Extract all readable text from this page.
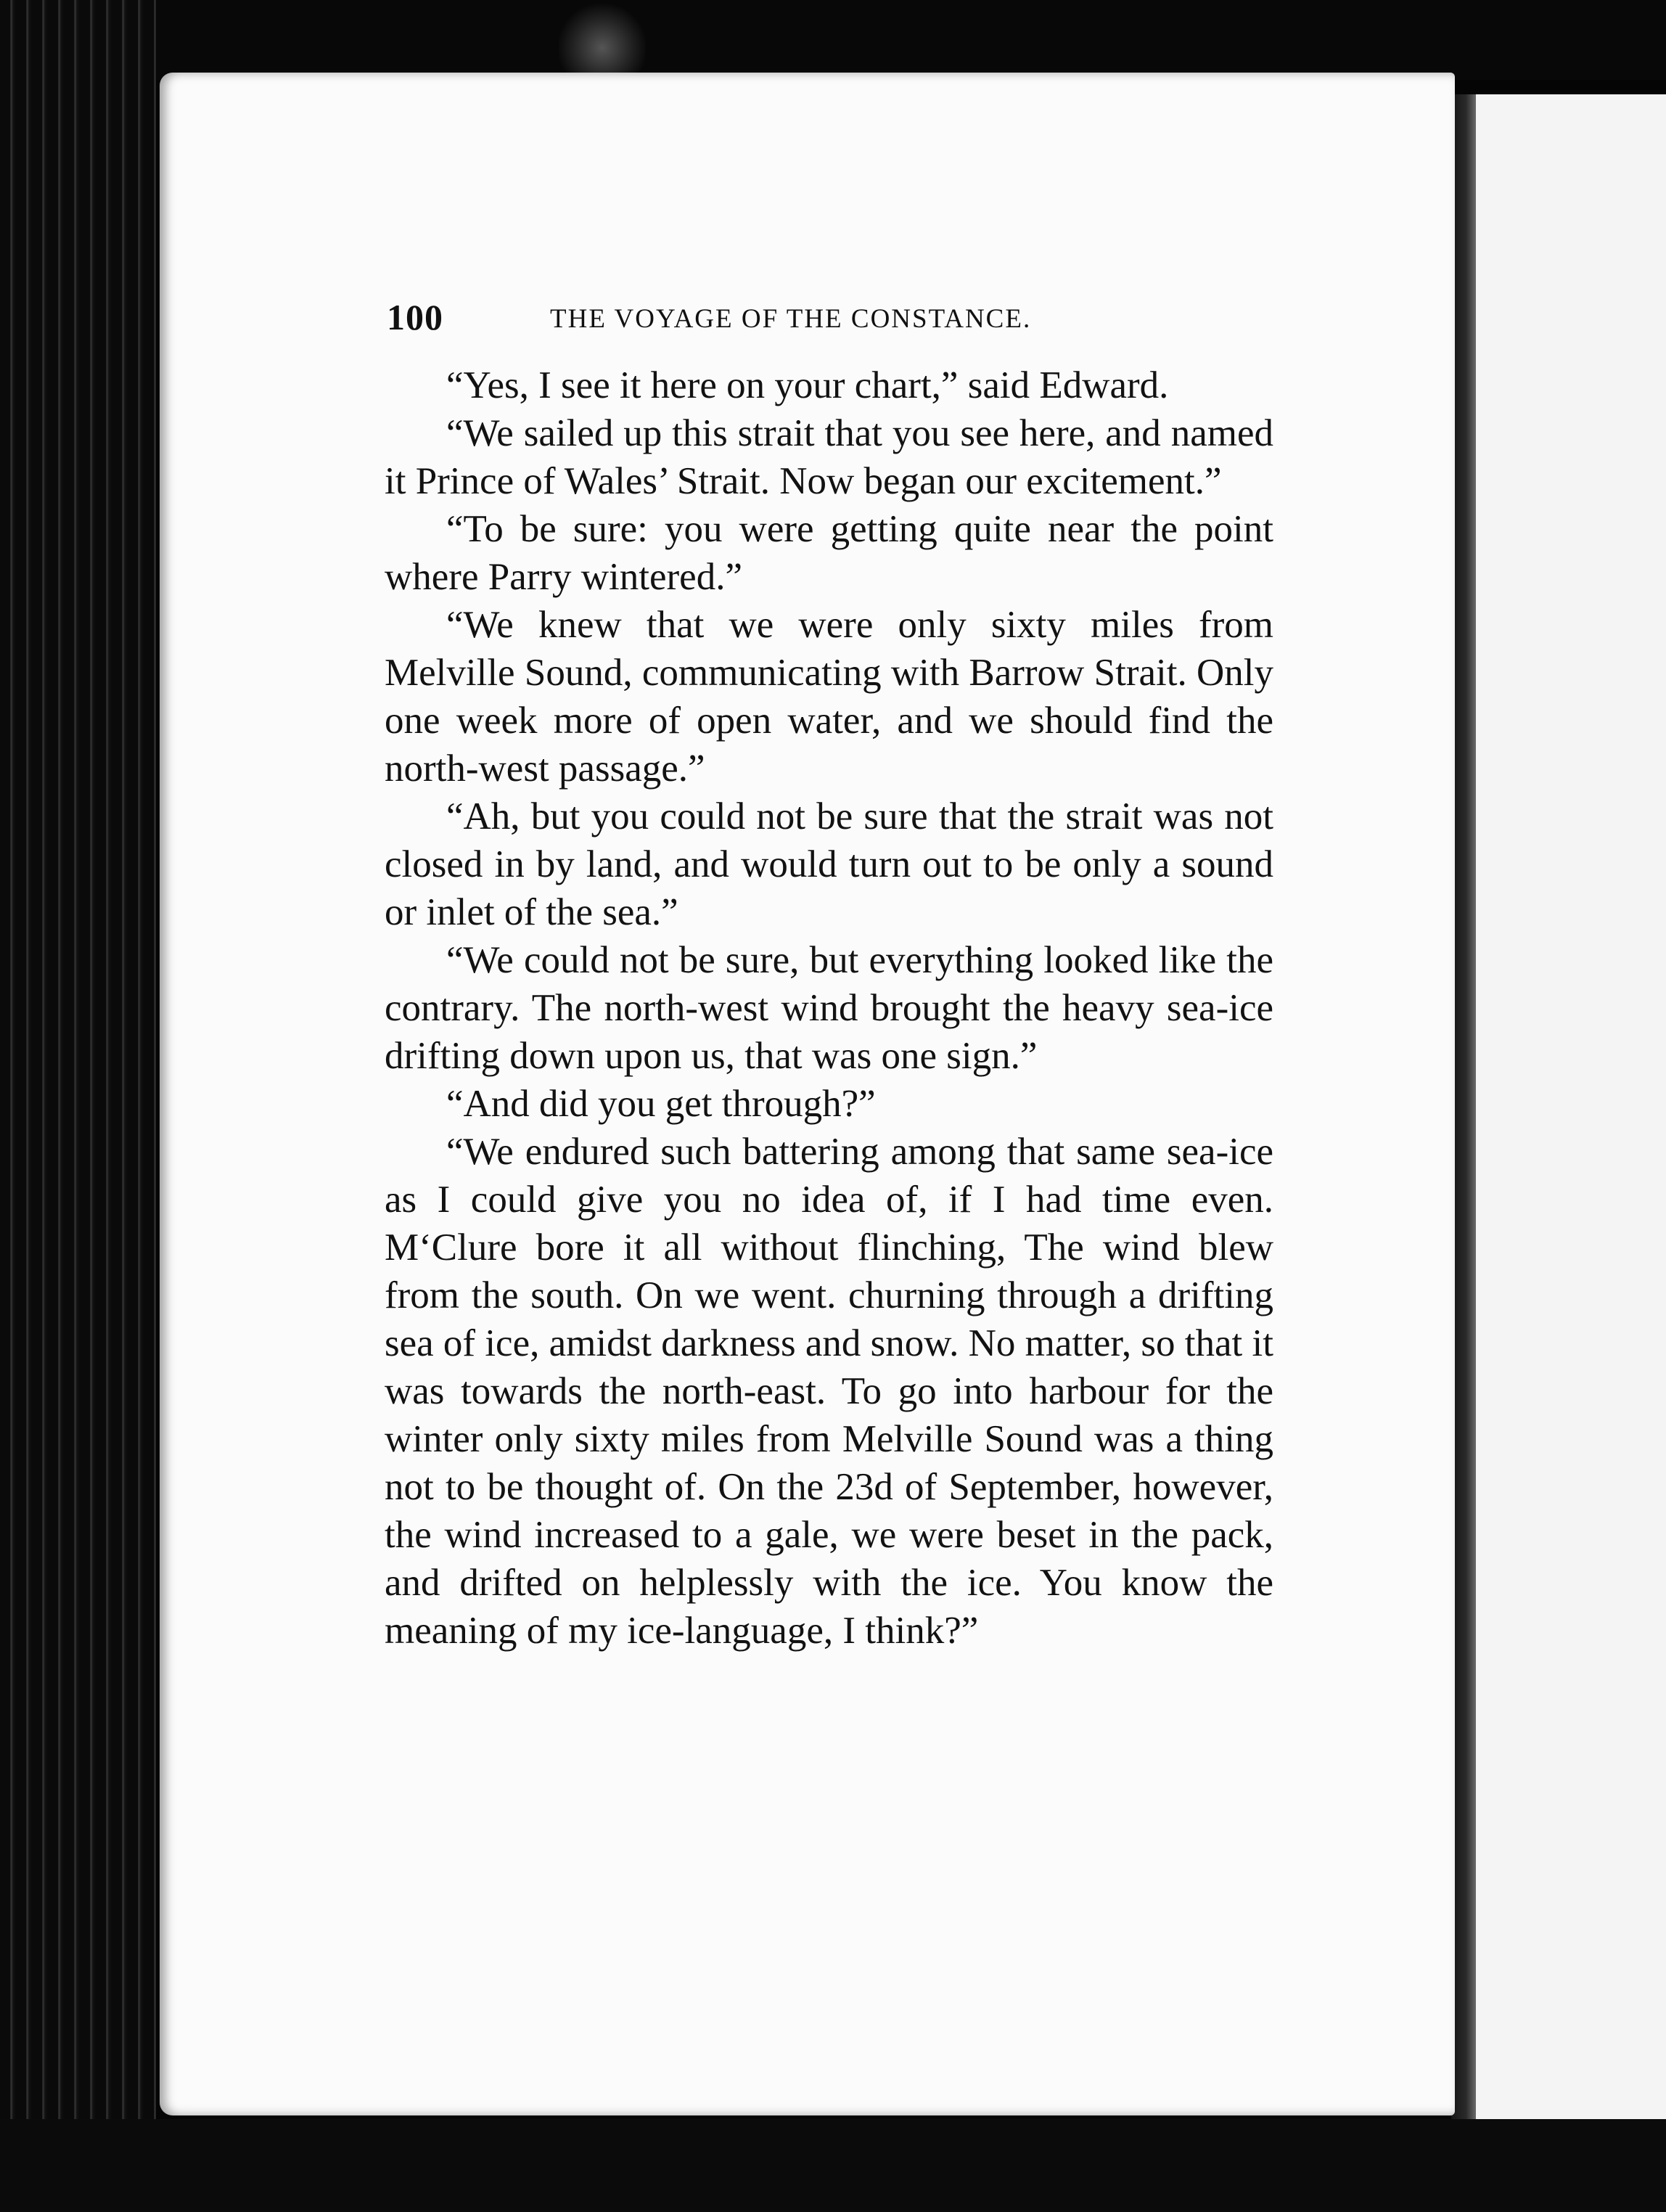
100	THE VOYAGE OF THE CONSTANCE.

“Yes, I see it here on your chart,” said Edward.

“We sailed up this strait that you see here, and named it Prince of Wales’ Strait. Now began our excitement.”

“To be sure: you were getting quite near the point where Parry wintered.”

“We knew that we were only sixty miles from Melville Sound, communicating with Barrow Strait. Only one week more of open water, and we should find the north-west passage.”

“Ah, but you could not be sure that the strait was not closed in by land, and would turn out to be only a sound or inlet of the sea.”

“We could not be sure, but everything looked like the contrary. The north-west wind brought the heavy sea-ice drifting down upon us, that was one sign.”

“And did you get through?”

“We endured such battering among that same sea-ice as I could give you no idea of, if I had time even. M‘Clure bore it all without flinching, The wind blew from the south. On we went. churning through a drifting sea of ice, amidst darkness and snow. No matter, so that it was towards the north-east. To go into harbour for the winter only sixty miles from Melville Sound was a thing not to be thought of. On the 23d of September, however, the wind increased to a gale, we were beset in the pack, and drifted on helplessly with the ice. You know the meaning of my ice-language, I think?”
